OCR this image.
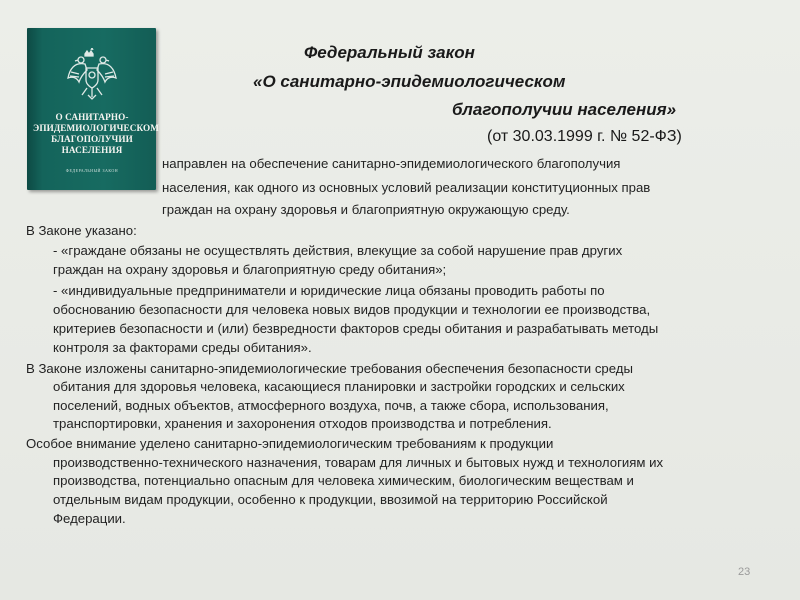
О САНИТАРНО-
ЭПИДЕМИОЛОГИЧЕСКОМ
БЛАГОПОЛУЧИИ
НАСЕЛЕНИЯ
ФЕДЕРАЛЬНЫЙ ЗАКОН
Федеральный закон
«О санитарно-эпидемиологическом
благополучии населения»
(от 30.03.1999 г. № 52-ФЗ)
направлен на обеспечение санитарно-эпидемиологического благополучия
населения, как одного из основных условий реализации конституционных прав
граждан на охрану здоровья и благоприятную окружающую среду.
В Законе указано:
- «граждане обязаны не осуществлять действия, влекущие за собой нарушение прав других
граждан на охрану здоровья и благоприятную среду обитания»;
- «индивидуальные предприниматели и юридические лица обязаны проводить работы по
обоснованию безопасности для человека новых видов продукции и технологии ее производства,
критериев безопасности и (или) безвредности факторов среды обитания и разрабатывать методы
контроля за факторами среды обитания».
В Законе изложены санитарно-эпидемиологические требования обеспечения безопасности среды
обитания для здоровья человека, касающиеся планировки и застройки городских и сельских
поселений, водных объектов, атмосферного воздуха, почв, а также сбора, использования,
транспортировки, хранения и захоронения отходов производства и потребления.
Особое внимание уделено санитарно-эпидемиологическим требованиям к продукции
производственно-технического назначения, товарам для личных и бытовых нужд и технологиям их
производства, потенциально опасным для человека химическим, биологическим веществам и
отдельным видам продукции, особенно к продукции, ввозимой на территорию Российской
Федерации.
23
